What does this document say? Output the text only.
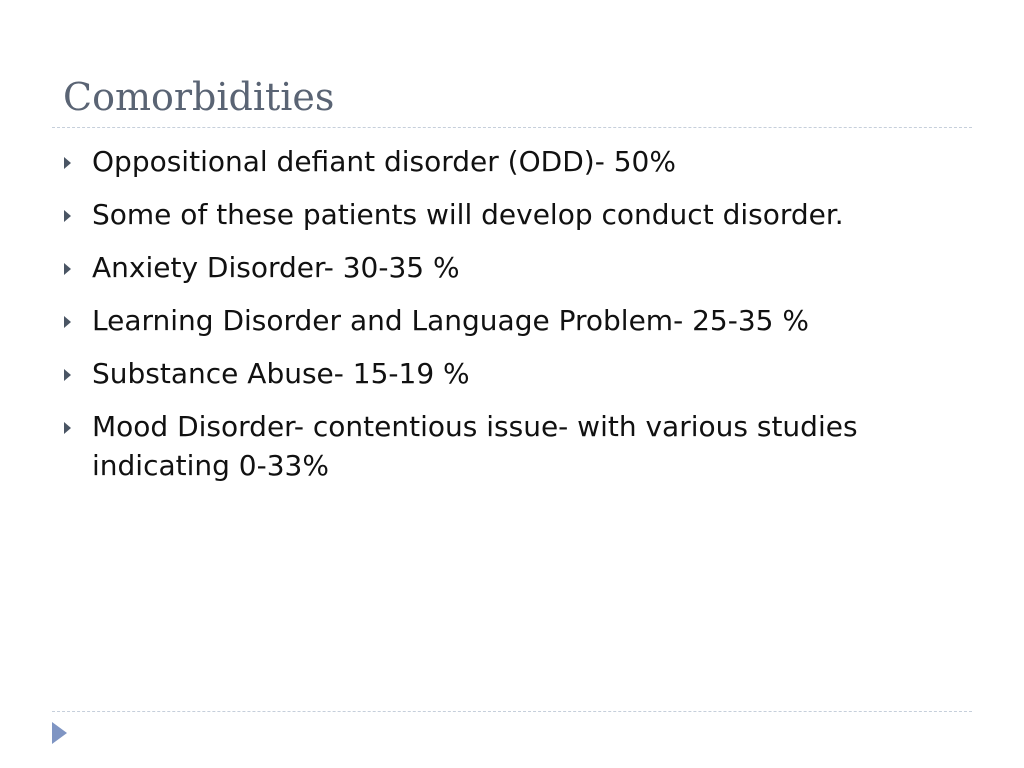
Comorbidities
Oppositional defiant disorder (ODD)- 50%
Some of these patients will develop conduct disorder.
Anxiety Disorder- 30-35 %
Learning Disorder and Language Problem- 25-35 %
Substance Abuse- 15-19 %
Mood Disorder- contentious issue- with various studies indicating 0-33%
